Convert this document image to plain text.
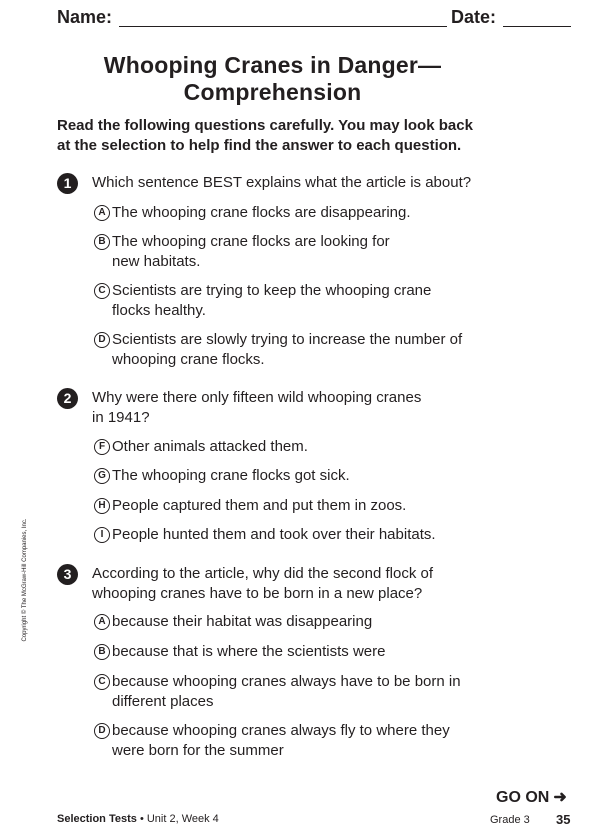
Name:	Date:
Whooping Cranes in Danger—
Comprehension
Read the following questions carefully. You may look back
at the selection to help find the answer to each question.
1	Which sentence BEST explains what the article is about?
A The whooping crane flocks are disappearing.
B The whooping crane flocks are looking for
new habitats.
C Scientists are trying to keep the whooping crane
flocks healthy.
D Scientists are slowly trying to increase the number of
whooping crane flocks.
2	Why were there only fifteen wild whooping cranes
in 1941?
F Other animals attacked them.
G The whooping crane flocks got sick.
H People captured them and put them in zoos.
I People hunted them and took over their habitats.
3	According to the article, why did the second flock of
whooping cranes have to be born in a new place?
A because their habitat was disappearing
B because that is where the scientists were
C because whooping cranes always have to be born in
different places
D because whooping cranes always fly to where they
were born for the summer
Copyright © The McGraw-Hill Companies, Inc.
GO ON ➜
Selection Tests • Unit 2, Week 4	Grade 3 35
